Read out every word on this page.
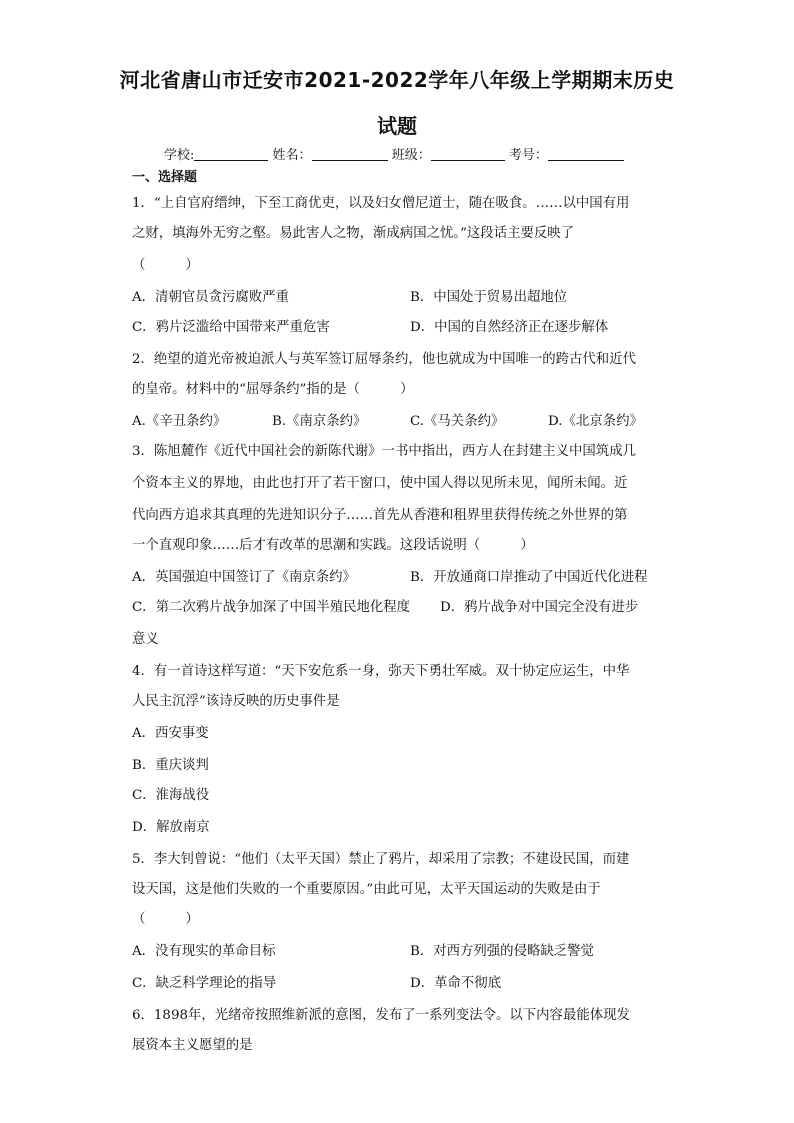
河北省唐山市迁安市2021-2022学年八年级上学期期末历史
试题
学校:	姓名：	班级：	考号：
一、选择题
1．“上自官府缙绅，下至工商优吏，以及妇女僧尼道士，随在吸食。……以中国有用
之财，填海外无穷之壑。易此害人之物，渐成病国之忧。”这段话主要反映了
（　　　）
A．清朝官员贪污腐败严重	B．中国处于贸易出超地位
C．鸦片泛滥给中国带来严重危害	D．中国的自然经济正在逐步解体
2．绝望的道光帝被迫派人与英军签订屈辱条约，他也就成为中国唯一的跨古代和近代
的皇帝。材料中的“屈辱条约”指的是（　　　）
A.《辛丑条约》	B.《南京条约》	C.《马关条约》	D.《北京条约》
3．陈旭麓作《近代中国社会的新陈代谢》一书中指出，西方人在封建主义中国筑成几
个资本主义的界地，由此也打开了若干窗口，使中国人得以见所未见，闻所未闻。近
代向西方追求其真理的先进知识分子……首先从香港和租界里获得传统之外世界的第
一个直观印象……后才有改革的思潮和实践。这段话说明（　　　）
A．英国强迫中国签订了《南京条约》	B．开放通商口岸推动了中国近代化进程
C．第二次鸦片战争加深了中国半殖民地化程度 D．鸦片战争对中国完全没有进步
意义
4．有一首诗这样写道：“天下安危系一身，弥天下勇壮军威。双十协定应运生，中华
人民主沉浮”该诗反映的历史事件是
A．西安事变
B．重庆谈判
C．淮海战役
D．解放南京
5．李大钊曾说：“他们（太平天国）禁止了鸦片，却采用了宗教；不建设民国，而建
设天国，这是他们失败的一个重要原因。”由此可见，太平天国运动的失败是由于
（　　　）
A．没有现实的革命目标	B．对西方列强的侵略缺乏警觉
C．缺乏科学理论的指导	D．革命不彻底
6．1898年，光绪帝按照维新派的意图，发布了一系列变法令。以下内容最能体现发
展资本主义愿望的是
